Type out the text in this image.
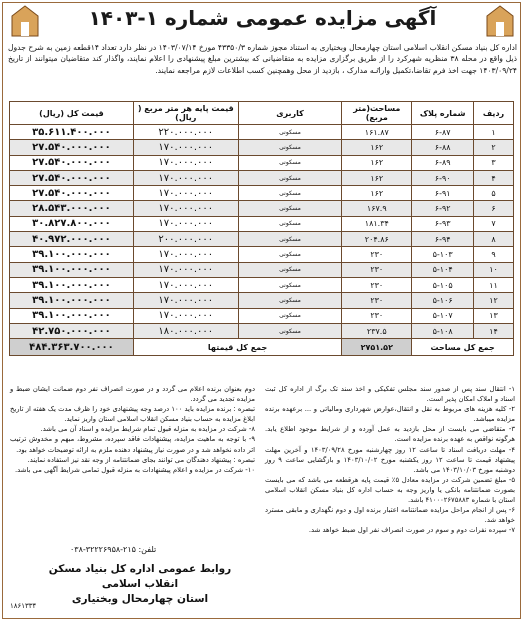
آگهی مزایده عمومی شماره ۱-۱۴۰۳
اداره کل بنیاد مسکن انقلاب اسلامی استان چهارمحال وبختیاری به استناد مجوز شماره ۴۳۳۵۰/۳ مورخ ۱۴۰۳/۰۷/۱۴ در نظر دارد تعداد ۱۴قطعه زمین به شرح جدول ذیل واقع در محله ۳۸ منظریه شهرکرد را از طریق برگزاری مزایده به متقاضیانی که بیشترین مبلغ پیشنهادی را اعلام نمایند، واگذار کند متقاضیان میتوانند از تاریخ ۱۴۰۳/۰۹/۲۴ جهت اخذ فرم تقاضا،تکمیل واراٸه مدارک ، بازدید از محل وهمچنین کسب اطلاعات لازم مراجعه نمایند.
ردیف	شماره پلاک	مساحت(متر مربع)	کاربری	قیمت پایه هر متر مربع ( ریال)	قیمت کل (ریال)
۱	۶-۸۷	۱۶۱.۸۷	مسکونی	۲۲۰.۰۰۰.۰۰۰	۳۵.۶۱۱.۴۰۰.۰۰۰
۲	۶-۸۸	۱۶۲	مسکونی	۱۷۰.۰۰۰.۰۰۰	۲۷.۵۴۰.۰۰۰.۰۰۰
۳	۶-۸۹	۱۶۲	مسکونی	۱۷۰.۰۰۰.۰۰۰	۲۷.۵۴۰.۰۰۰.۰۰۰
۴	۶-۹۰	۱۶۲	مسکونی	۱۷۰.۰۰۰.۰۰۰	۲۷.۵۴۰.۰۰۰.۰۰۰
۵	۶-۹۱	۱۶۲	مسکونی	۱۷۰.۰۰۰.۰۰۰	۲۷.۵۴۰.۰۰۰.۰۰۰
۶	۶-۹۲	۱۶۷.۹	مسکونی	۱۷۰.۰۰۰.۰۰۰	۲۸.۵۴۳.۰۰۰.۰۰۰
۷	۶-۹۳	۱۸۱.۳۴	مسکونی	۱۷۰.۰۰۰.۰۰۰	۳۰.۸۲۷.۸۰۰.۰۰۰
۸	۶-۹۴	۲۰۴.۸۶	مسکونی	۲۰۰.۰۰۰.۰۰۰	۴۰.۹۷۲.۰۰۰.۰۰۰
۹	۵-۱۰۳	۲۳۰	مسکونی	۱۷۰.۰۰۰.۰۰۰	۳۹.۱۰۰.۰۰۰.۰۰۰
۱۰	۵-۱۰۴	۲۳۰	مسکونی	۱۷۰.۰۰۰.۰۰۰	۳۹.۱۰۰.۰۰۰.۰۰۰
۱۱	۵-۱۰۵	۲۳۰	مسکونی	۱۷۰.۰۰۰.۰۰۰	۳۹.۱۰۰.۰۰۰.۰۰۰
۱۲	۵-۱۰۶	۲۳۰	مسکونی	۱۷۰.۰۰۰.۰۰۰	۳۹.۱۰۰.۰۰۰.۰۰۰
۱۳	۵-۱۰۷	۲۳۰	مسکونی	۱۷۰.۰۰۰.۰۰۰	۳۹.۱۰۰.۰۰۰.۰۰۰
۱۴	۵-۱۰۸	۲۳۷.۵	مسکونی	۱۸۰.۰۰۰.۰۰۰	۴۲.۷۵۰.۰۰۰.۰۰۰
جمع کل مساحت		۲۷۵۱.۵۲	جمع کل قیمتها		۴۸۴.۳۶۳.۷۰۰.۰۰۰

۱- انتقال سند پس از صدور سند مجلس تفکیکی و اخذ سند تک برگ از اداره کل ثبت اسناد و املاک امکان پذیر است.

۲- کلیه هزینه های مربوط به نقل و انتقال،عوارض شهرداری ومالیاتی و ... برعهده برنده مزایده میباشد.

۳- متقاضی می بایست از محل بازدید به عمل آورده و از شرایط موجود اطلاع یابد. هرگونه نواقص به عهده برنده مزایده است.

۴- مهلت دریافت اسناد تا ساعت ۱۲ روز چهارشنبه مورخ ۱۴۰۳/۰۹/۲۸ و آخرین مهلت پیشنهاد قیمت تا ساعت ۱۲ روز یکشنبه مورخ ۱۴۰۳/۱۰/۰۲ و بازگشایی ساعت ۹ روز دوشنبه مورخ ۱۴۰۳/۱۰/۰۳ می باشد.

۵- مبلغ تضمین شرکت در مزایده معادل ۵٪ قیمت پایه هرقطعه می باشد که می بایست بصورت ضمانتنامه بانکی یا واریز وجه به حساب اداره کل بنیاد مسکن انقلاب اسلامی استان با شماره ۴۱۰۰۰۲۶۷۵۸۸۳ باشد.

۶- پس از انجام مراحل مزایده ضمانتنامه اعتبار برنده اول و دوم نگهداری و مابقی مسترد خواهد شد.

۷- سپرده نفرات دوم و سوم در صورت انصراف نفر اول ضبط خواهد شد.

دوم بعنوان برنده اعلام می گردد و در صورت انصراف نفر دوم ضمانت ایشان ضبط و مزایده تجدید می گردد.

تبصره : برنده مزایده باید ۱۰۰ درصد وجه پیشنهادی خود را ظرف مدت یک هفته از تاریخ ابلاغ مزایده به حساب بنیاد مسکن انقلاب اسلامی استان واریز نماید.

۸- شرکت در مزایده به منزله قبول تمام شرایط مزایده و اسناد آن می باشد.

۹- با توجه به ماهیت مزایده، پیشنهادات فاقد سپرده، مشروط، مبهم و مخدوش ترتیب اثر داده نخواهد شد و در صورت نیاز پیشنهاد دهنده ملزم به ارائه توضیحات خواهد بود.

تبصره : پیشنهاد دهندگان می توانند بجای ضمانتنامه از وجه نقد نیز استفاده نمایند.

۱۰- شرکت در مزایده و اعلام پیشنهادات به منزله قبول تمامی شرایط آگهی می باشد.

تلفن: ۲۱۵-۳۲۲۲۶۹۵۸-۰۳۸
روابط عمومی اداره کل بنیاد مسکن انقلاب اسلامی
استان چهارمحال وبختیاری
۱۸۶۱۳۳۴
